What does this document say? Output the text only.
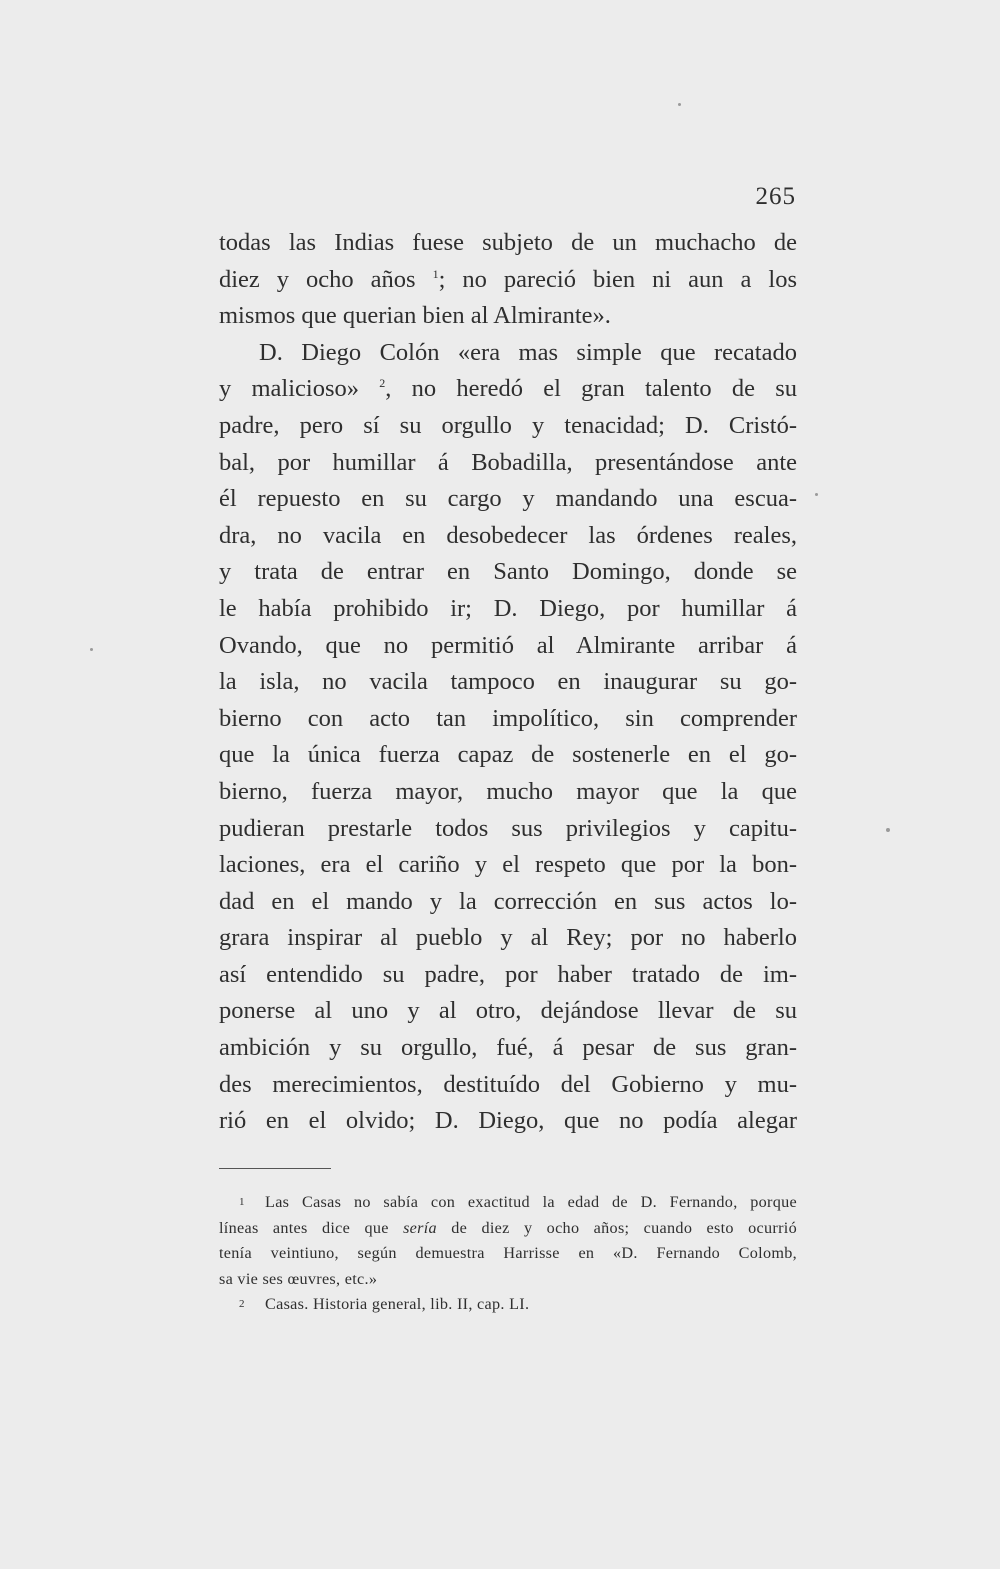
265
todas las Indias fuese subjeto de un muchacho de
diez y ocho años $^1$; no pareció bien ni aun a los
mismos que querian bien al Almirante».
D. Diego Colón «era mas simple que recatado
y malicioso» $^2$, no heredó el gran talento de su
padre, pero sí su orgullo y tenacidad; D. Cristó-
bal, por humillar á Bobadilla, presentándose ante
él repuesto en su cargo y mandando una escua-
dra, no vacila en desobedecer las órdenes reales,
y trata de entrar en Santo Domingo, donde se
le había prohibido ir; D. Diego, por humillar á
Ovando, que no permitió al Almirante arribar á
la isla, no vacila tampoco en inaugurar su go-
bierno con acto tan impolítico, sin comprender
que la única fuerza capaz de sostenerle en el go-
bierno, fuerza mayor, mucho mayor que la que
pudieran prestarle todos sus privilegios y capitu-
laciones, era el cariño y el respeto que por la bon-
dad en el mando y la corrección en sus actos lo-
grara inspirar al pueblo y al Rey; por no haberlo
así entendido su padre, por haber tratado de im-
ponerse al uno y al otro, dejándose llevar de su
ambición y su orgullo, fué, á pesar de sus gran-
des merecimientos, destituído del Gobierno y mu-
rió en el olvido; D. Diego, que no podía alegar
1 Las Casas no sabía con exactitud la edad de D. Fernando, porque
líneas antes dice que sería de diez y ocho años; cuando esto ocurrió
tenía veintiuno, según demuestra Harrisse en «D. Fernando Colomb,
sa vie ses œuvres, etc.»
2 Casas. Historia general, lib. II, cap. LI.
